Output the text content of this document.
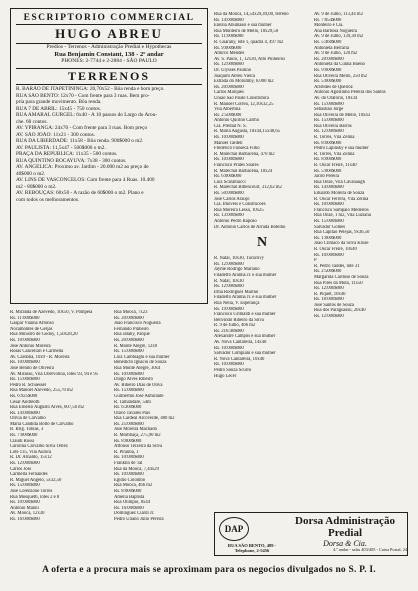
ESCRIPTORIO COMMERCIAL
HUGO ABREU
Predios - Terrenos - Administração Predial e Hypothecas
Rua Benjamin Constant, 138 - 2º andar
PHONES: 2-7744 e 2-2884 - SÃO PAULO
TERRENOS
R. BARÃO DE ITAPETININGA: 20,70x52 - Bôa renda e bom preço.
RUA SÃO BENTO: 12x70 - Com frente para 3 ruas. Bem pro-
pria para grande movimento. Bôa renda.
RUA 7 DE ABRIL: 15x45 - 750 contos.
RUA AMARAL GURGEL: 6x40 - A 10 passos do Largo do Arou-
che. 60 contos.
AV. YPIRANGA: 24x70 - Com frente para 3 ruas. Bom preço
AV. SÃO JOÃO: 11x21 - 300 contos.
RUA DA LIBERDADE: 11x58 - Bôa renda. 900$000 o m2.
AV. PAULISTA: 11,5x47 - 500$000 o m2.
PRAÇA DA REPUBLICA: 11x35 - 500 contos.
RUA QUINTINO BOCAYUVA: 7x38 - 300 contos.
AV. ANGELICA: Proximo av. Jardim - 20.000 m2 ao preço de
40$000 o m2.
AV. LINS DE VASCONCELOS: Com frente para 4 Ruas. 10.400
m2 - 80$000 o m2.
AV. REBOUÇAS: 60x50 - A razão de 60$000 o m2. Plano e
com todos os melhoramentos.
R. Miranda de Azevedo, 10x50, V. Pompeia
Rs. 11:000$000
Gaspar Vianna Affonso
Nocamontes de Gerjas
Rua Ministro de Godoy, 1,50x28,20
Rs. 10:000$000
José Antonio Moreira
Rosas Cancellari e Carmella
Av. Cardona, 10x9 - R. Moreira
Rs. 10:000$000
José Benito de Oliveira
Av. Mirassu, Vila Ubervolina, lotes 93, 94 e 95
Rs. 15:000$000
Pedro R. Schuessel
Rua Manoel Azevedo, 255,70 m2
Rs. 6:925$000
Cesar Andreotti
Rua Ernesto Augusto Alves, 607,56 m2
Rs. 14:000$000
Olivia de Carvalho
Maria Candida Botto de Carvalho
R. Brig. Tobias, 3
Rs. 7:000$000
Claudi Rossi
Carolina Carvalho Silva Tellez
Lote 135, Vila Aurora
R. Dr. Arnaldo, 15x12
Rs. 12:000$000
Carlos Joss
Carmella Fernandes
R. Miguel Angelo, 5x32,50
Rs. 15:000$000
José Lorenzone Torres
Rua Mosquetti, lotes 2 e 8
Rs. 10:000$000
Antonio Manni
Av. Moóca, 12x30
Rs. 16:000$000
Rua Mooca, 7x23
Rs. 20:000$000
João Francisco Nogueira
Fernando Pinheiro
Rua Jatahy, Parque
Rs. 20:000$000
R. Monte Alegre, 12x0
Rs. 15:000$000
Luiz Cambiaghi e sua mulher
Benedicto Ignacio de Souza
Rua Monte Alegre, 30x4
Rs. 10:000$000
Diogo Alves Ribeiro
Av. Ribeiro Dias de Oliva
Rs. 15:000$000
Guilhermo José Almirante
R. Tamandaré, 54m
Rs. 6:200$000
Olavo Tavares Pais
Rua Cardeal Arcoverde, 480 m2
Rs. 25:000$000
José Moreira Machado
R. Mombaça, 275,90 m2
Rs. 8:000$000
Affonso Teixeira da Silva
R. Pirauba, 1
Rs. 10:000$000
Franklin de Tal
Rua da Moóca, 7,44x29
Rs. 10:000$000
Egidio Colombo
Rua Moóca, 466 m2
Rs. 8:000$000
Amelia Baptista
Rua Olimpio, 8x44
Rs. 16:000$000
Dominguez Ciardi Jr.
Pedro Uliano Julio Pereira
Rua da Moóca, 14,54x29,49,00, terreno
Rs. 14:000$000
Enezia Abumassi e sua mulher
Rua Monteiro de Mello, 10x29,50
Rs. 11:000$000
R. Guarany, lote 1, quadra 4, 497 m2
Rs. 9:000$000
Amirco Mendes
Av. S. Paulo, 1, 12x30, Alto Pinheiros
Rs. 12:000$000
Dr. Ulysses Paulino
Joaquim Abreu Vieira
Estrada do Morumby, 6.000 m2
Rs. 20:000$000
Carlos Marques
Uniao Sao Paulo Construtora
R. Manoel Correa, 12,10x32,25
Vila Albertina
Rs. 2:500$000
Antonio Quirino Carmo
Cia. Predial N. S.
R. Maria Augusta, 10x44,15x48,65
Rs. 10:000$000
Manoel Tardeli
Frederico Fonseca Filho
R. Marechal Barbacena, 470 m2
Rs. 10:000$000
Francisco Prates Soares
R. Marechal Barbacena, 10x24
Rs. 6:000$000
Luiz Scaramucci
R. Marechal Bittencourt, 312,62 m2
Rs. 50:000$000
José Carlos Araujo
Cia. Imoveis e Construcoes
Rua Moreira Lessa, 10x25
Rs. 13:000$000
Antonio Pedro Raposo
Dr. Antonio Carlos de Arruda Botelho
N
R. Natal, 10x30, Tucuruvy
Rs. 12:000$000
Jayme Rodrigo Mariano
Filadelfo Aranha Jr. e sua mulher
R. Natal, 10x30
Rs. 12:000$000
Irma Rodrigues Marino
Filadelfo Aranha Jr. e sua mulher
Rua Nelia, V. Esperança
Rs. 19:000$000
Francisco Grimaldi e sua mulher
Benvindo Ribeiro da Silva
R. 9 de Julho, 466 m2
Rs. 216:40$000
Alexandre Campos e sua mulher
Av. Nova Cantareira, 14x40
Rs. 10:000$000
Salvador Compiani e sua mulher
R. Nova Cantareira, 10x40
Rs. 10:000$000
Pedro Souza Scurro
Hugo Lecer
Av. 9 de Julho, 113,44 m2
Rs. 7:854$000
Monteiro e Cia.
Ana Barbosa Nogueira
Av. 9 de Julho, 139,30 m2
Rs. 5:460$000
Antonieta Berraria
Av. 9 de Julho, 120 m2
Rs. 20:000$000
Antonieta da Cunha Bueno
Rs. 9:000$000
Rua Oliveira Mello, 250 m2
Rs. 5:000$000
Aristides de Queiroz
Antonio Agostinho Pereira dos Santos
Av. do Oratorio, 10x34
Rs. 15:000$000
Sebastião Jorge
Rua Oliveira de Mello, 10x43
Rs. 15:000$000
Rua Oliveira Barros
Rs. 12:000$000
R. Torres, Vila Zelina
Rs. 8:000$000
Pedro Lapinsky e sua mulher
R. Torres, Vila Zelina
Rs. 8:000$000
R. Oscar Freire, 11x40
Rs. 5:000$000
Jacob Pereira
Rua Onze, Vila Cavanaugh
Rs. 14:000$000
Eduardo Moreira de Souza
R. Oscar Ferrera, Vila Zelina
Rs. 10:000$000
Francisco Sampaio Medeiros
Rua Onze, 1 m2, Vila Luziana
Rs. 15:000$000
Salvador Gomes
Rua Capitão Pelejas, 9x36,50
Rs. 1:000$000
João Clímaco da Silva Kruse
R. Oscar Freire, 10x40
Rs. 10:000$000
P
R. Pedro Taddei, lote 31
Rs. 2:500$000
Margarida Cardoso de Souza
Rua Pires da Mota, 11x50
Rs. 12:000$000
R. Piquet, 10x40
Rs. 18:000$000
José Santos de Souza
Rua dos Paraguassu, 20x40
Rs. 12:000$000
DAP
Dorsa Administração Predial
Dorsa & Cia.
RUA SÃO BENTO, 489 - Telephone, 2-5456	4.º andar - salas 403/405 - Caixa Postal, 24
A oferta e a procura mais se aproximam para os negocios divulgados no S. P. I.
